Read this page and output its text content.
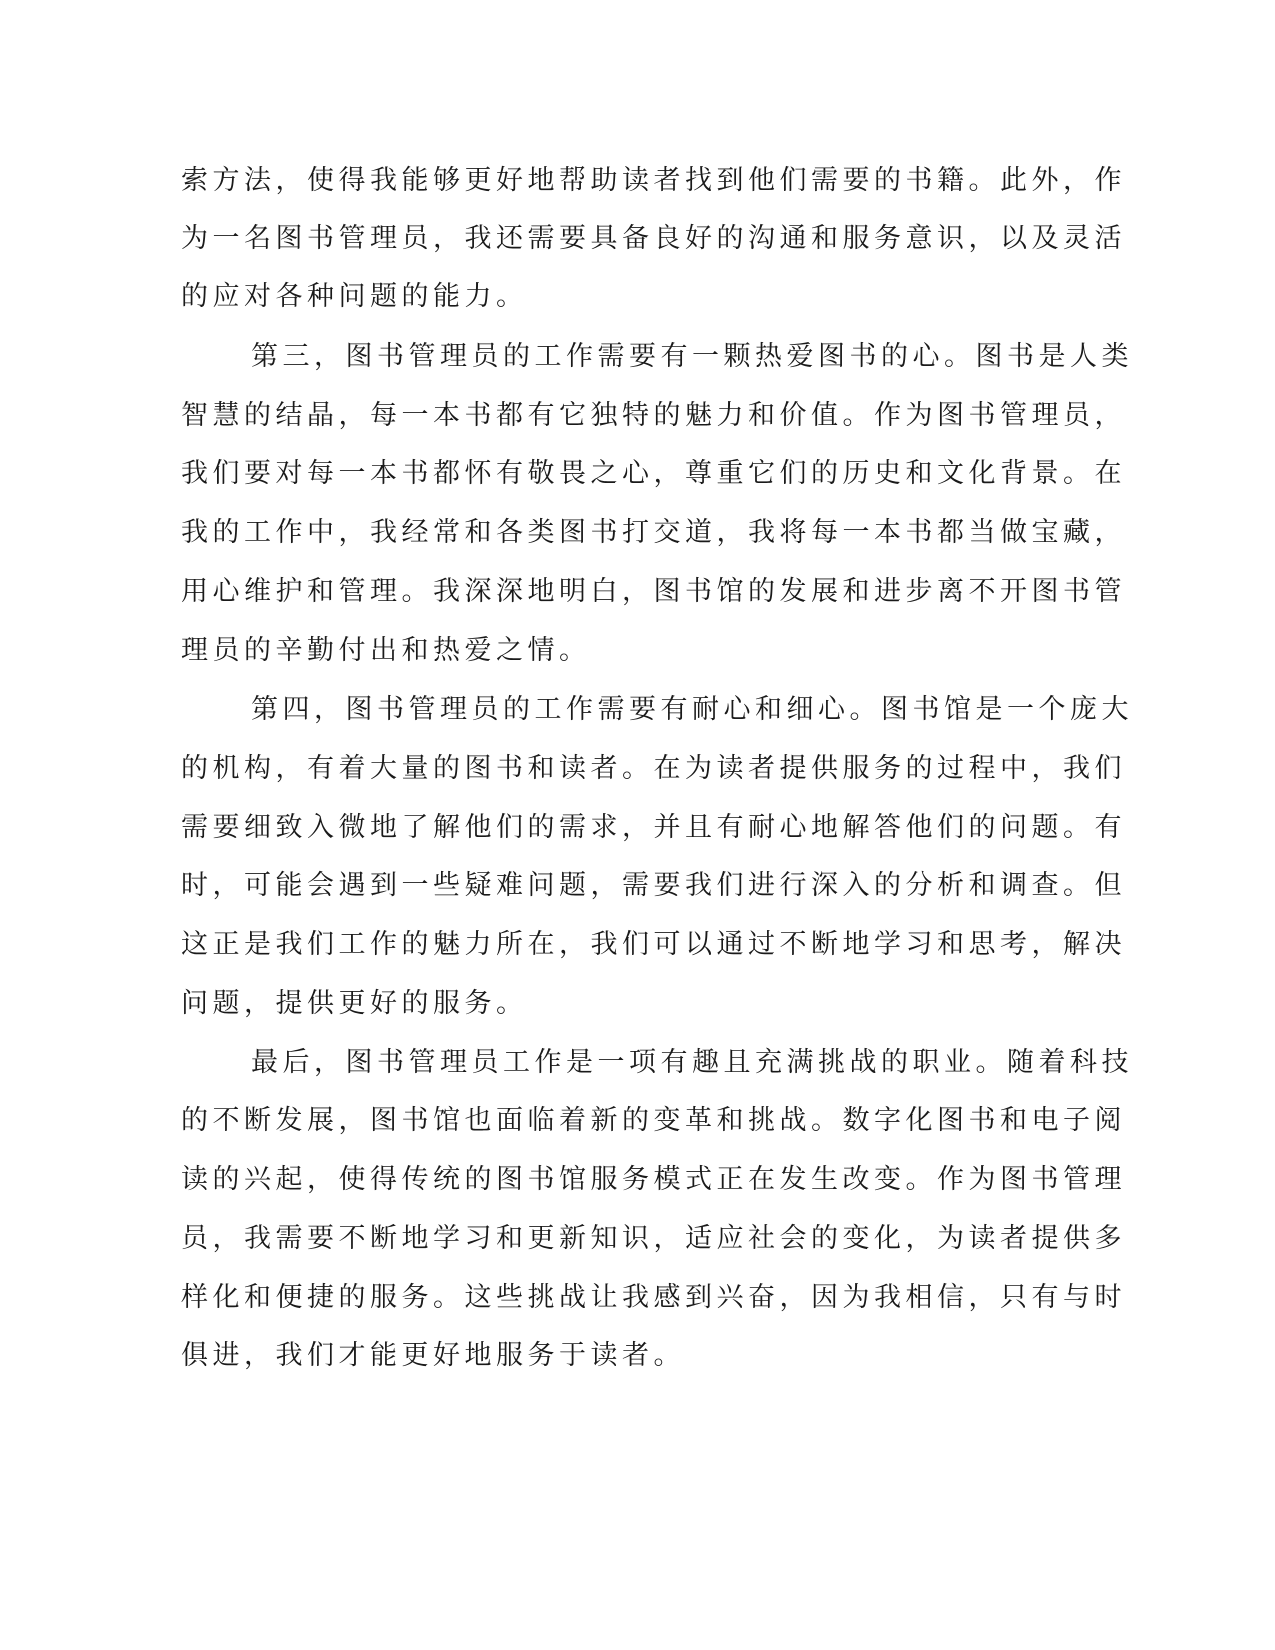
索方法，使得我能够更好地帮助读者找到他们需要的书籍。此外，作
为一名图书管理员，我还需要具备良好的沟通和服务意识，以及灵活
的应对各种问题的能力。
第三，图书管理员的工作需要有一颗热爱图书的心。图书是人类
智慧的结晶，每一本书都有它独特的魅力和价值。作为图书管理员，
我们要对每一本书都怀有敬畏之心，尊重它们的历史和文化背景。在
我的工作中，我经常和各类图书打交道，我将每一本书都当做宝藏，
用心维护和管理。我深深地明白，图书馆的发展和进步离不开图书管
理员的辛勤付出和热爱之情。
第四，图书管理员的工作需要有耐心和细心。图书馆是一个庞大
的机构，有着大量的图书和读者。在为读者提供服务的过程中，我们
需要细致入微地了解他们的需求，并且有耐心地解答他们的问题。有
时，可能会遇到一些疑难问题，需要我们进行深入的分析和调查。但
这正是我们工作的魅力所在，我们可以通过不断地学习和思考，解决
问题，提供更好的服务。
最后，图书管理员工作是一项有趣且充满挑战的职业。随着科技
的不断发展，图书馆也面临着新的变革和挑战。数字化图书和电子阅
读的兴起，使得传统的图书馆服务模式正在发生改变。作为图书管理
员，我需要不断地学习和更新知识，适应社会的变化，为读者提供多
样化和便捷的服务。这些挑战让我感到兴奋，因为我相信，只有与时
俱进，我们才能更好地服务于读者。
